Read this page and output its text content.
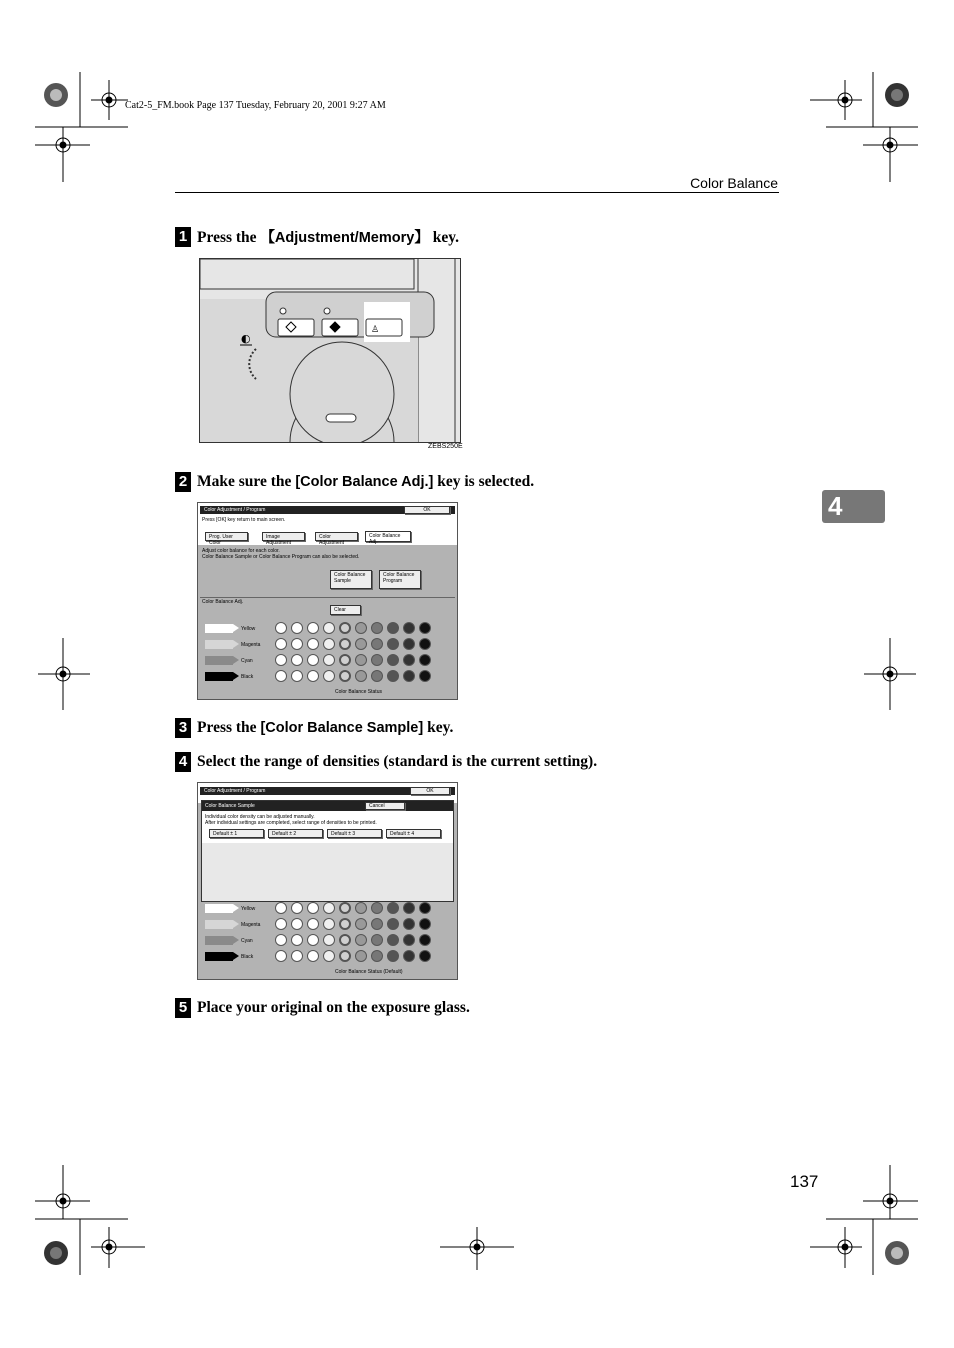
Cat2-5_FM.book Page 137 Tuesday, February 20, 2001 9:27 AM
Color Balance
1 Press the 【Adjustment/Memory】 key.
♙
◐
ZEBS250E
2 Make sure the [Color Balance Adj.] key is selected.
4
Color Adjustment / Program	OK
Press [OK] key return to main screen.
Prog. User Color
Image Adjustment
Color Adjustment
Color Balance Adj.
Adjust color balance for each color.
Color Balance Sample or Color Balance Program can also be selected.
Color Balance Sample
Color Balance Program
Color Balance Adj.
Clear
Yellow
Magenta
Cyan
Black
Color Balance Status
3 Press the [Color Balance Sample] key.
4 Select the range of densities (standard is the current setting).
Color Adjustment / Program	OK
Color Balance Sample	Cancel
Individual color density can be adjusted manually.
After individual settings are completed, select range of densities to be printed.
Default ± 1	Default ± 2	Default ± 3	Default ± 4
Yellow
Magenta
Cyan
Black
Color Balance Status (Default)
5 Place your original on the exposure glass.
137
